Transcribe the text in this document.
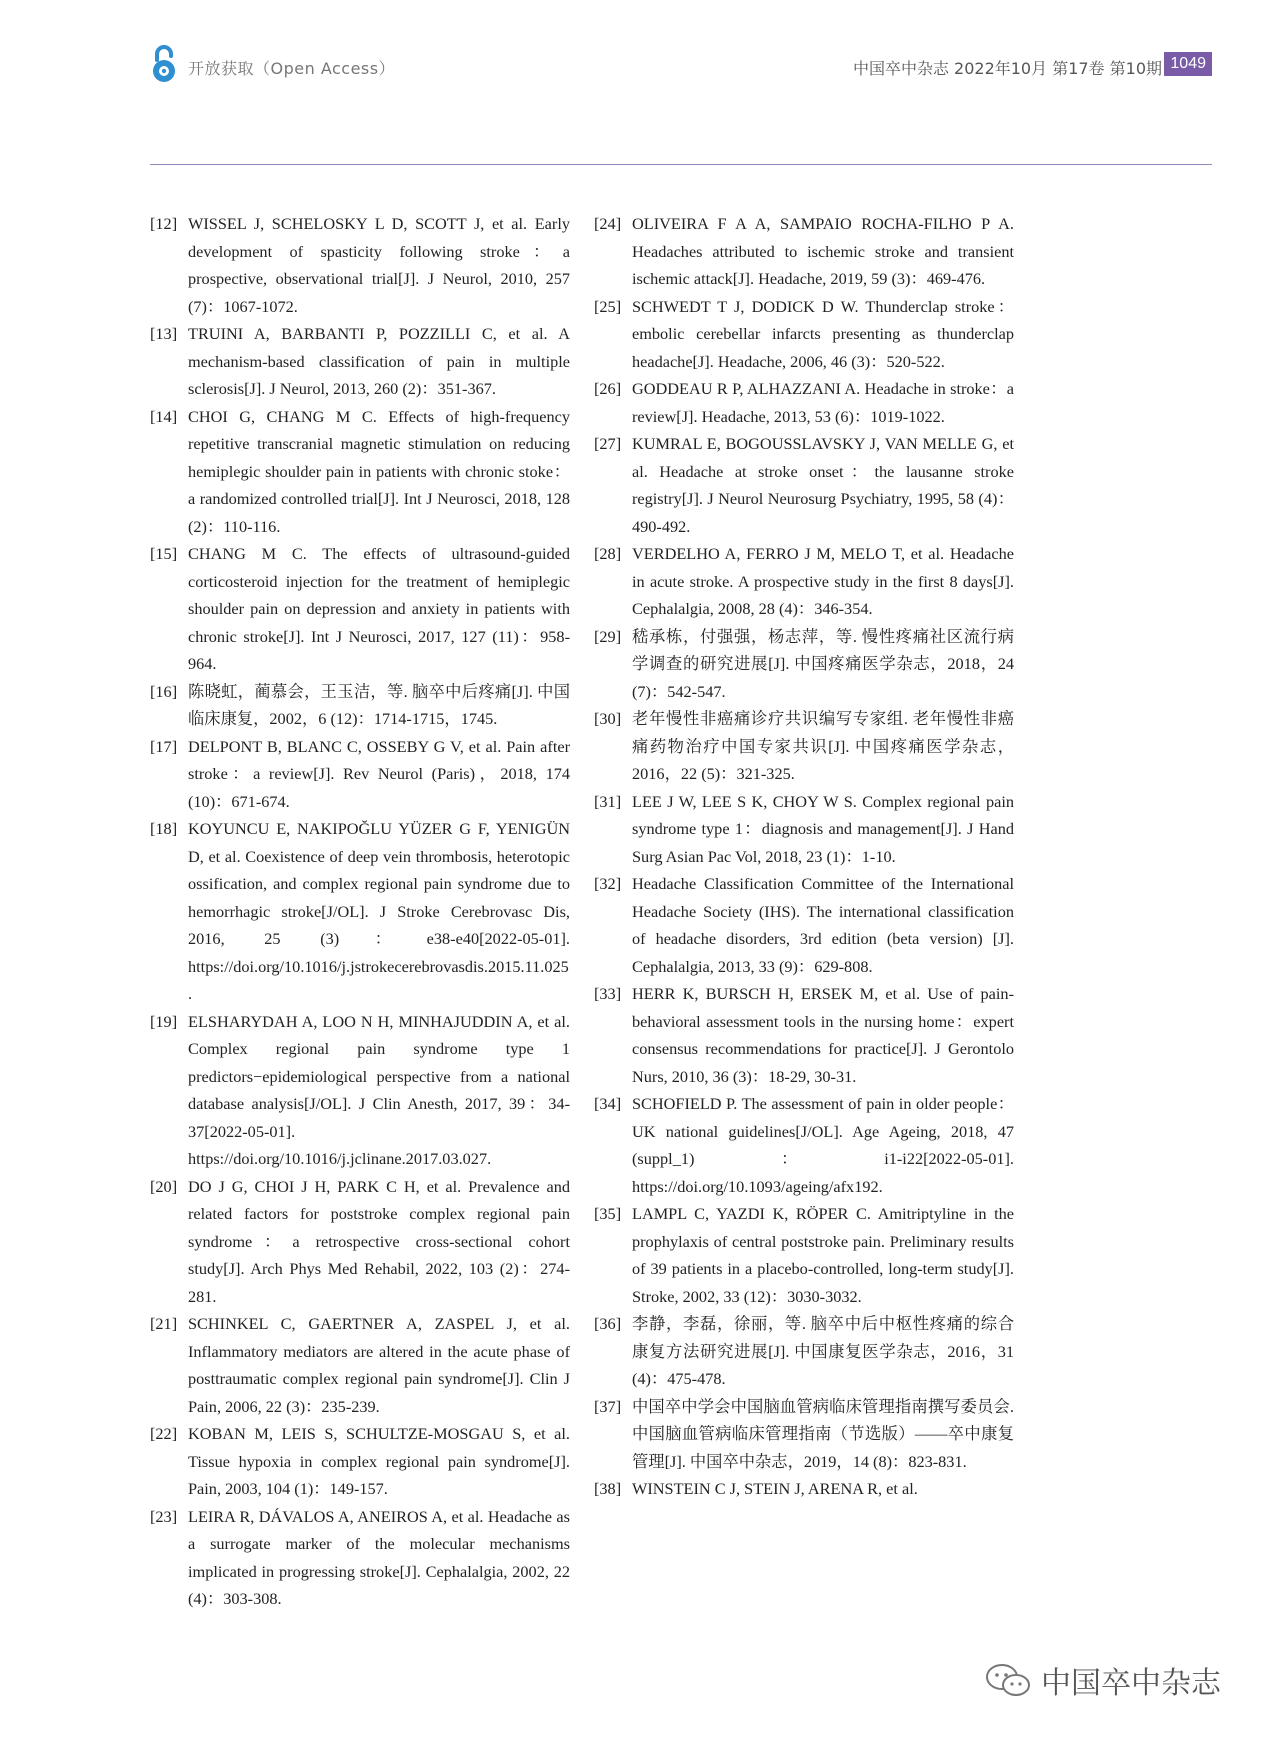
开放获取（Open Access）	中国卒中杂志 2022年10月 第17卷 第10期 1049
[12] WISSEL J, SCHELOSKY L D, SCOTT J, et al. Early development of spasticity following stroke：a prospective, observational trial[J]. J Neurol, 2010, 257 (7)：1067-1072.
[13] TRUINI A, BARBANTI P, POZZILLI C, et al. A mechanism-based classification of pain in multiple sclerosis[J]. J Neurol, 2013, 260 (2)：351-367.
[14] CHOI G, CHANG M C. Effects of high-frequency repetitive transcranial magnetic stimulation on reducing hemiplegic shoulder pain in patients with chronic stoke：a randomized controlled trial[J]. Int J Neurosci, 2018, 128 (2)：110-116.
[15] CHANG M C. The effects of ultrasound-guided corticosteroid injection for the treatment of hemiplegic shoulder pain on depression and anxiety in patients with chronic stroke[J]. Int J Neurosci, 2017, 127 (11)：958-964.
[16] 陈晓虹，蔺慕会，王玉洁，等. 脑卒中后疼痛[J]. 中国临床康复，2002，6 (12)：1714-1715，1745.
[17] DELPONT B, BLANC C, OSSEBY G V, et al. Pain after stroke：a review[J]. Rev Neurol (Paris)，2018, 174 (10)：671-674.
[18] KOYUNCU E, NAKIPOĞLU YÜZER G F, YENIGÜN D, et al. Coexistence of deep vein thrombosis, heterotopic ossification, and complex regional pain syndrome due to hemorrhagic stroke[J/OL]. J Stroke Cerebrovasc Dis, 2016, 25 (3)：e38-e40[2022-05-01]. https://doi.org/10.1016/j.jstrokecerebrovasdis.2015.11.025.
[19] ELSHARYDAH A, LOO N H, MINHAJUDDIN A, et al. Complex regional pain syndrome type 1 predictors−epidemiological perspective from a national database analysis[J/OL]. J Clin Anesth, 2017, 39：34-37[2022-05-01]. https://doi.org/10.1016/j.jclinane.2017.03.027.
[20] DO J G, CHOI J H, PARK C H, et al. Prevalence and related factors for poststroke complex regional pain syndrome：a retrospective cross-sectional cohort study[J]. Arch Phys Med Rehabil, 2022, 103 (2)：274-281.
[21] SCHINKEL C, GAERTNER A, ZASPEL J, et al. Inflammatory mediators are altered in the acute phase of posttraumatic complex regional pain syndrome[J]. Clin J Pain, 2006, 22 (3)：235-239.
[22] KOBAN M, LEIS S, SCHULTZE-MOSGAU S, et al. Tissue hypoxia in complex regional pain syndrome[J]. Pain, 2003, 104 (1)：149-157.
[23] LEIRA R, DÁVALOS A, ANEIROS A, et al. Headache as a surrogate marker of the molecular mechanisms implicated in progressing stroke[J]. Cephalalgia, 2002, 22 (4)：303-308.
[24] OLIVEIRA F A A, SAMPAIO ROCHA-FILHO P A. Headaches attributed to ischemic stroke and transient ischemic attack[J]. Headache, 2019, 59 (3)：469-476.
[25] SCHWEDT T J, DODICK D W. Thunderclap stroke：embolic cerebellar infarcts presenting as thunderclap headache[J]. Headache, 2006, 46 (3)：520-522.
[26] GODDEAU R P, ALHAZZANI A. Headache in stroke：a review[J]. Headache, 2013, 53 (6)：1019-1022.
[27] KUMRAL E, BOGOUSSLAVSKY J, VAN MELLE G, et al. Headache at stroke onset：the lausanne stroke registry[J]. J Neurol Neurosurg Psychiatry, 1995, 58 (4)：490-492.
[28] VERDELHO A, FERRO J M, MELO T, et al. Headache in acute stroke. A prospective study in the first 8 days[J]. Cephalalgia, 2008, 28 (4)：346-354.
[29] 嵇承栋，付强强，杨志萍，等. 慢性疼痛社区流行病学调查的研究进展[J]. 中国疼痛医学杂志，2018，24 (7)：542-547.
[30] 老年慢性非癌痛诊疗共识编写专家组. 老年慢性非癌痛药物治疗中国专家共识[J]. 中国疼痛医学杂志，2016，22 (5)：321-325.
[31] LEE J W, LEE S K, CHOY W S. Complex regional pain syndrome type 1：diagnosis and management[J]. J Hand Surg Asian Pac Vol, 2018, 23 (1)：1-10.
[32] Headache Classification Committee of the International Headache Society (IHS). The international classification of headache disorders, 3rd edition (beta version) [J]. Cephalalgia, 2013, 33 (9)：629-808.
[33] HERR K, BURSCH H, ERSEK M, et al. Use of pain-behavioral assessment tools in the nursing home：expert consensus recommendations for practice[J]. J Gerontolo Nurs, 2010, 36 (3)：18-29, 30-31.
[34] SCHOFIELD P. The assessment of pain in older people：UK national guidelines[J/OL]. Age Ageing, 2018, 47 (suppl_1)：i1-i22[2022-05-01]. https://doi.org/10.1093/ageing/afx192.
[35] LAMPL C, YAZDI K, RÖPER C. Amitriptyline in the prophylaxis of central poststroke pain. Preliminary results of 39 patients in a placebo-controlled, long-term study[J]. Stroke, 2002, 33 (12)：3030-3032.
[36] 李静，李磊，徐丽，等. 脑卒中后中枢性疼痛的综合康复方法研究进展[J]. 中国康复医学杂志，2016，31 (4)：475-478.
[37] 中国卒中学会中国脑血管病临床管理指南撰写委员会. 中国脑血管病临床管理指南（节选版）——卒中康复管理[J]. 中国卒中杂志，2019，14 (8)：823-831.
[38] WINSTEIN C J, STEIN J, ARENA R, et al.
中国卒中杂志
